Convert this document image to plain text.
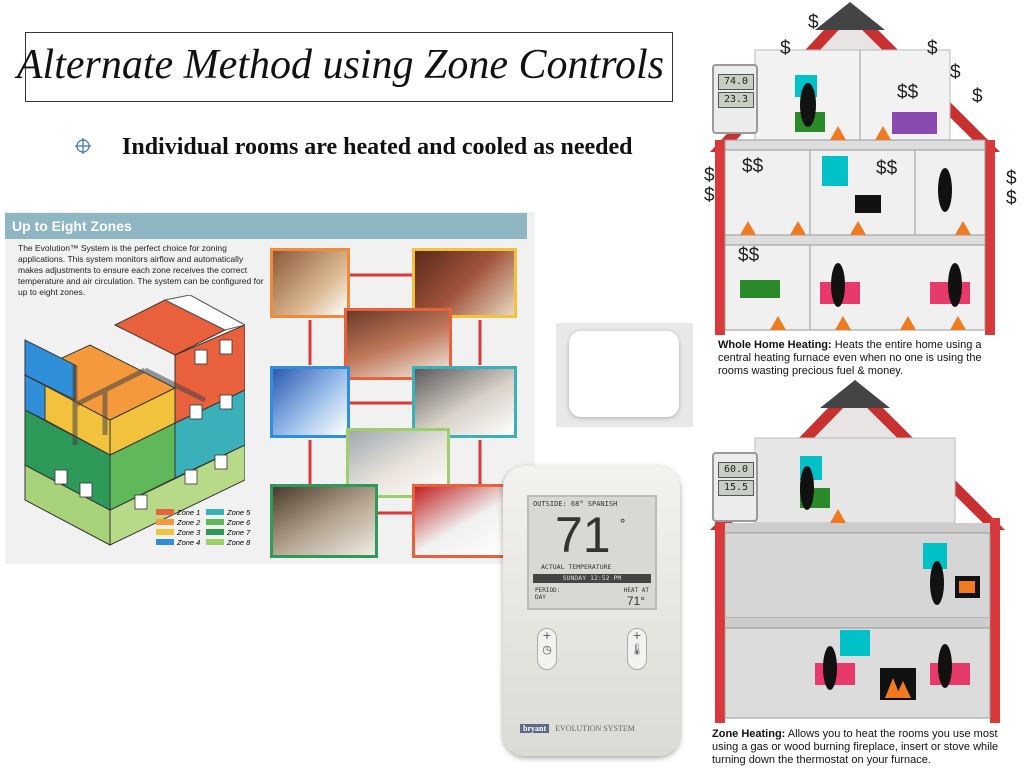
Alternate Method using Zone Controls
Individual rooms are heated and cooled as needed
Up to Eight Zones
The Evolution™ System is the perfect choice for zoning applications. This system monitors airflow and automatically makes adjustments to ensure each zone receives the correct temperature and air circulation. The system can be configured for up to eight zones.
Zone 1	Zone 5
Zone 2	Zone 6
Zone 3	Zone 7
Zone 4	Zone 8
OUTSIDE: 68° SPANISH
71 °
ACTUAL TEMPERATURE
SUNDAY 12:52 PM
PERIOD:
DAY
HEAT AT
71°
+
◷
+
🌡
bryant EVOLUTION SYSTEM
$
$
$
$
$
$
$
$
$
$$
$$	$$
$$
74.0
23.3
Whole Home Heating: Heats the entire home using a central heating furnace even when no one is using the rooms wasting precious fuel & money.
60.0
15.5
Zone Heating: Allows you to heat the rooms you use most using a gas or wood burning fireplace, insert or stove while turning down the thermostat on your furnace.
